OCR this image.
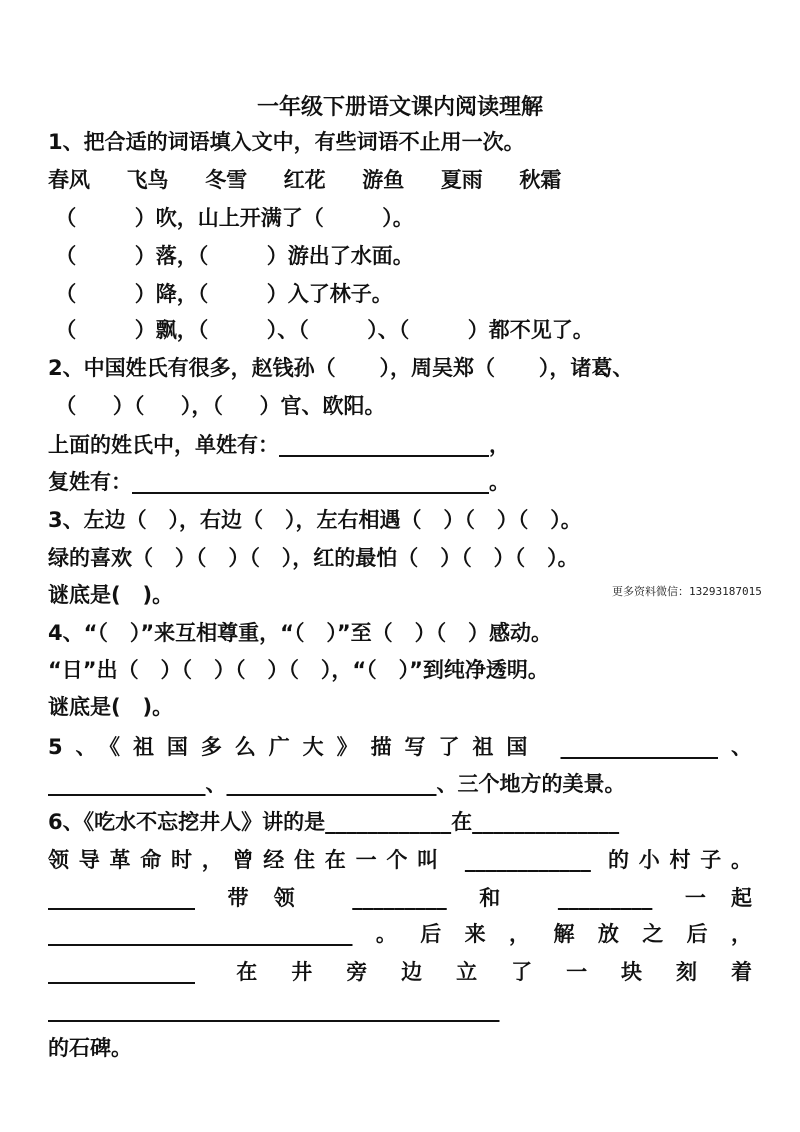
一年级下册语文课内阅读理解
1、把合适的词语填入文中，有些词语不止用一次。
春风     飞鸟     冬雪     红花     游鱼     夏雨     秋霜
（        ）吹，山上开满了（        ）。
（        ）落，（        ）游出了水面。
（        ）降，（        ）入了林子。
（        ）飘，（        ）、（        ）、（        ）都不见了。
2、中国姓氏有很多，赵钱孙（      ），周吴郑（      ），诸葛、
（     ）（     ），（     ）官、欧阳。
上面的姓氏中，单姓有：____________________，
复姓有：__________________________________。
3、左边（   ），右边（   ），左右相遇（   ）（   ）（   ）。
绿的喜欢（   ）（   ）（   ），红的最怕（   ）（   ）（   ）。
谜底是(   )。	更多资料微信：13293187015
4、“（   ）”来互相尊重，“（   ）”至（   ）（   ）感动。
“日”出（   ）（   ）（   ）（   ），“（   ）”到纯净透明。
谜底是(   )。
5、《祖国多么广大》描写了祖国 _______________、
_______________、____________________、三个地方的美景。
6、《吃水不忘挖井人》讲的是____________在______________
领导革命时，曾经住在一个叫 ____________ 的小村子。
______________ 带领 _________ 和 _________ 一起
_____________________________。后来，解放之后，
______________ 在井旁边立了一块刻着
___________________________________________
的石碑。
